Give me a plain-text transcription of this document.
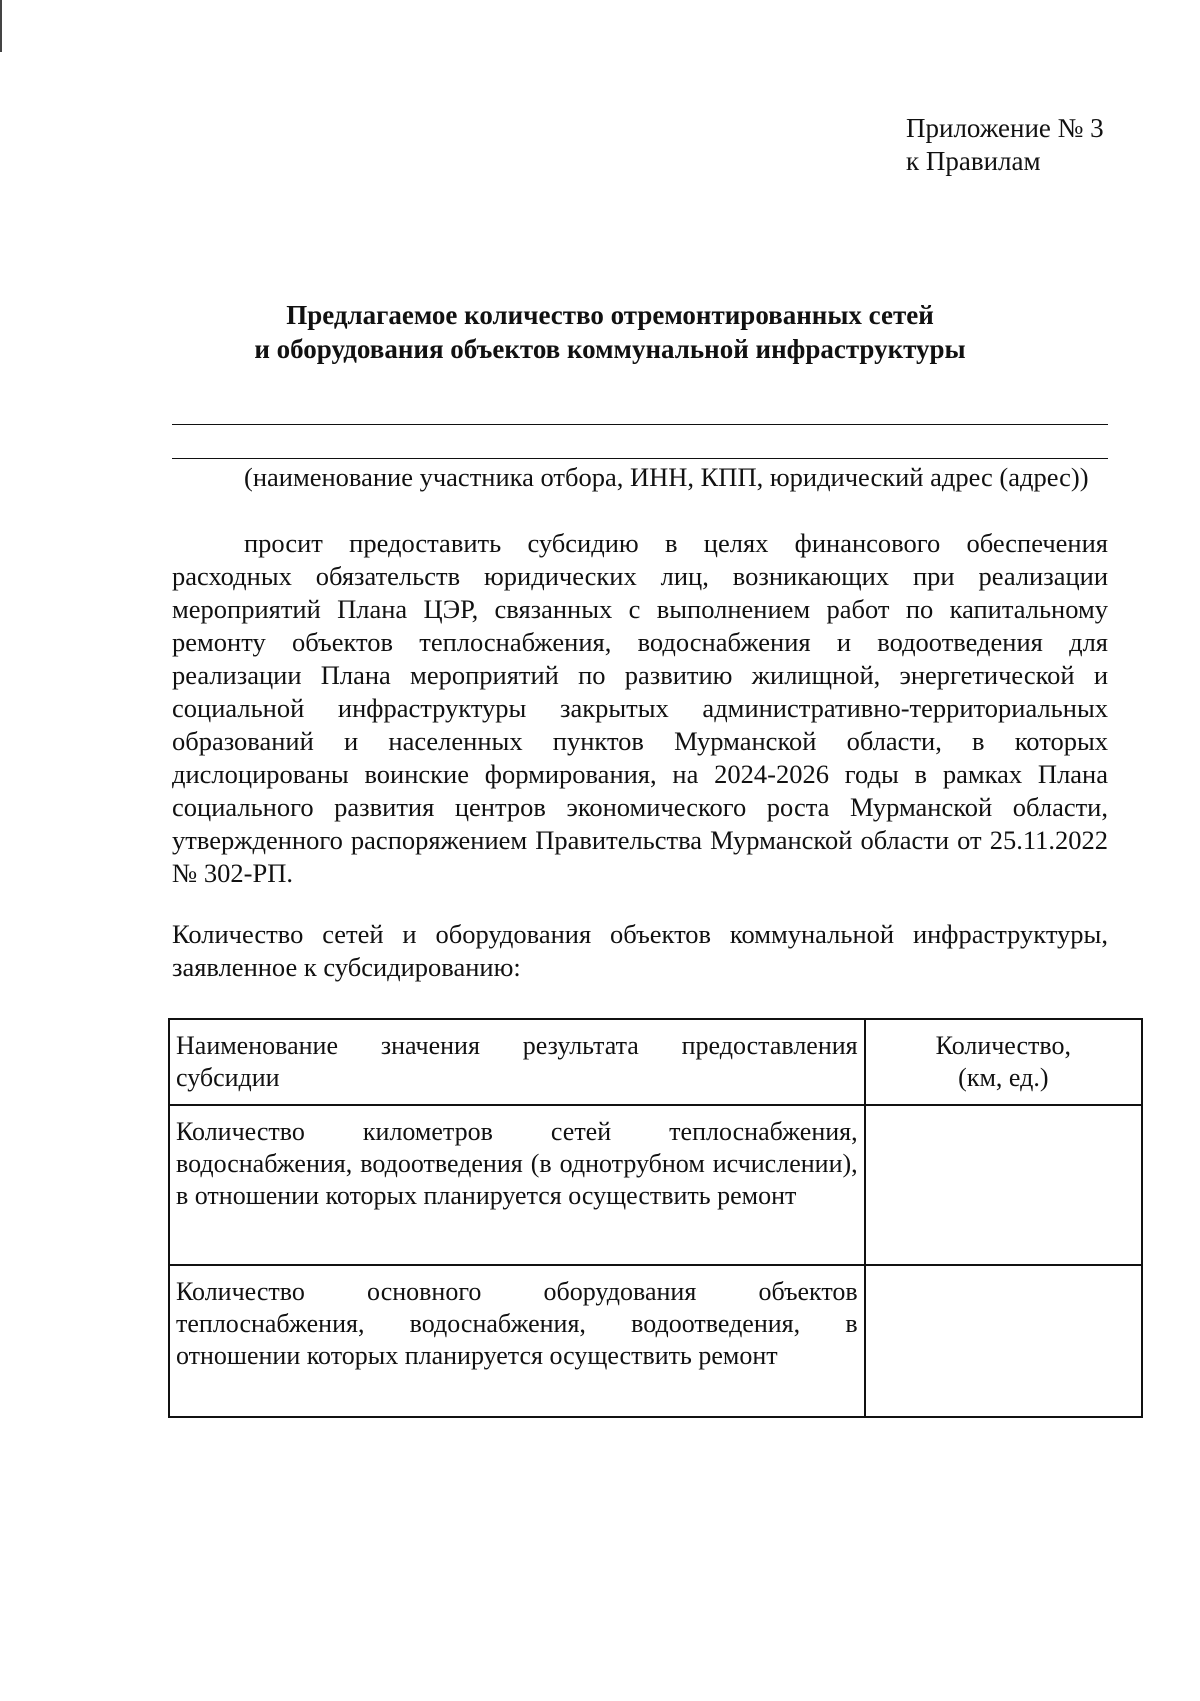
Приложение № 3
к Правилам
Предлагаемое количество отремонтированных сетей
и оборудования объектов коммунальной инфраструктуры
(наименование участника отбора, ИНН, КПП, юридический адрес (адрес))
просит предоставить субсидию в целях финансового обеспечения расходных обязательств юридических лиц, возникающих при реализации мероприятий Плана ЦЭР, связанных с выполнением работ по капитальному ремонту объектов теплоснабжения, водоснабжения и водоотведения для реализации Плана мероприятий по развитию жилищной, энергетической и социальной инфраструктуры закрытых административно-территориальных образований и населенных пунктов Мурманской области, в которых дислоцированы воинские формирования, на 2024-2026 годы в рамках Плана социального развития центров экономического роста Мурманской области, утвержденного распоряжением Правительства Мурманской области от 25.11.2022 № 302-РП.
Количество сетей и оборудования объектов коммунальной инфраструктуры, заявленное к субсидированию:
Наименование значения результата предоставления субсидии	Количество,
(км, ед.)

Количество километров сетей теплоснабжения, водоснабжения, водоотведения (в однотрубном исчислении), в отношении которых планируется осуществить ремонт	
Количество основного оборудования объектов теплоснабжения, водоснабжения, водоотведения, в отношении которых планируется осуществить ремонт	
